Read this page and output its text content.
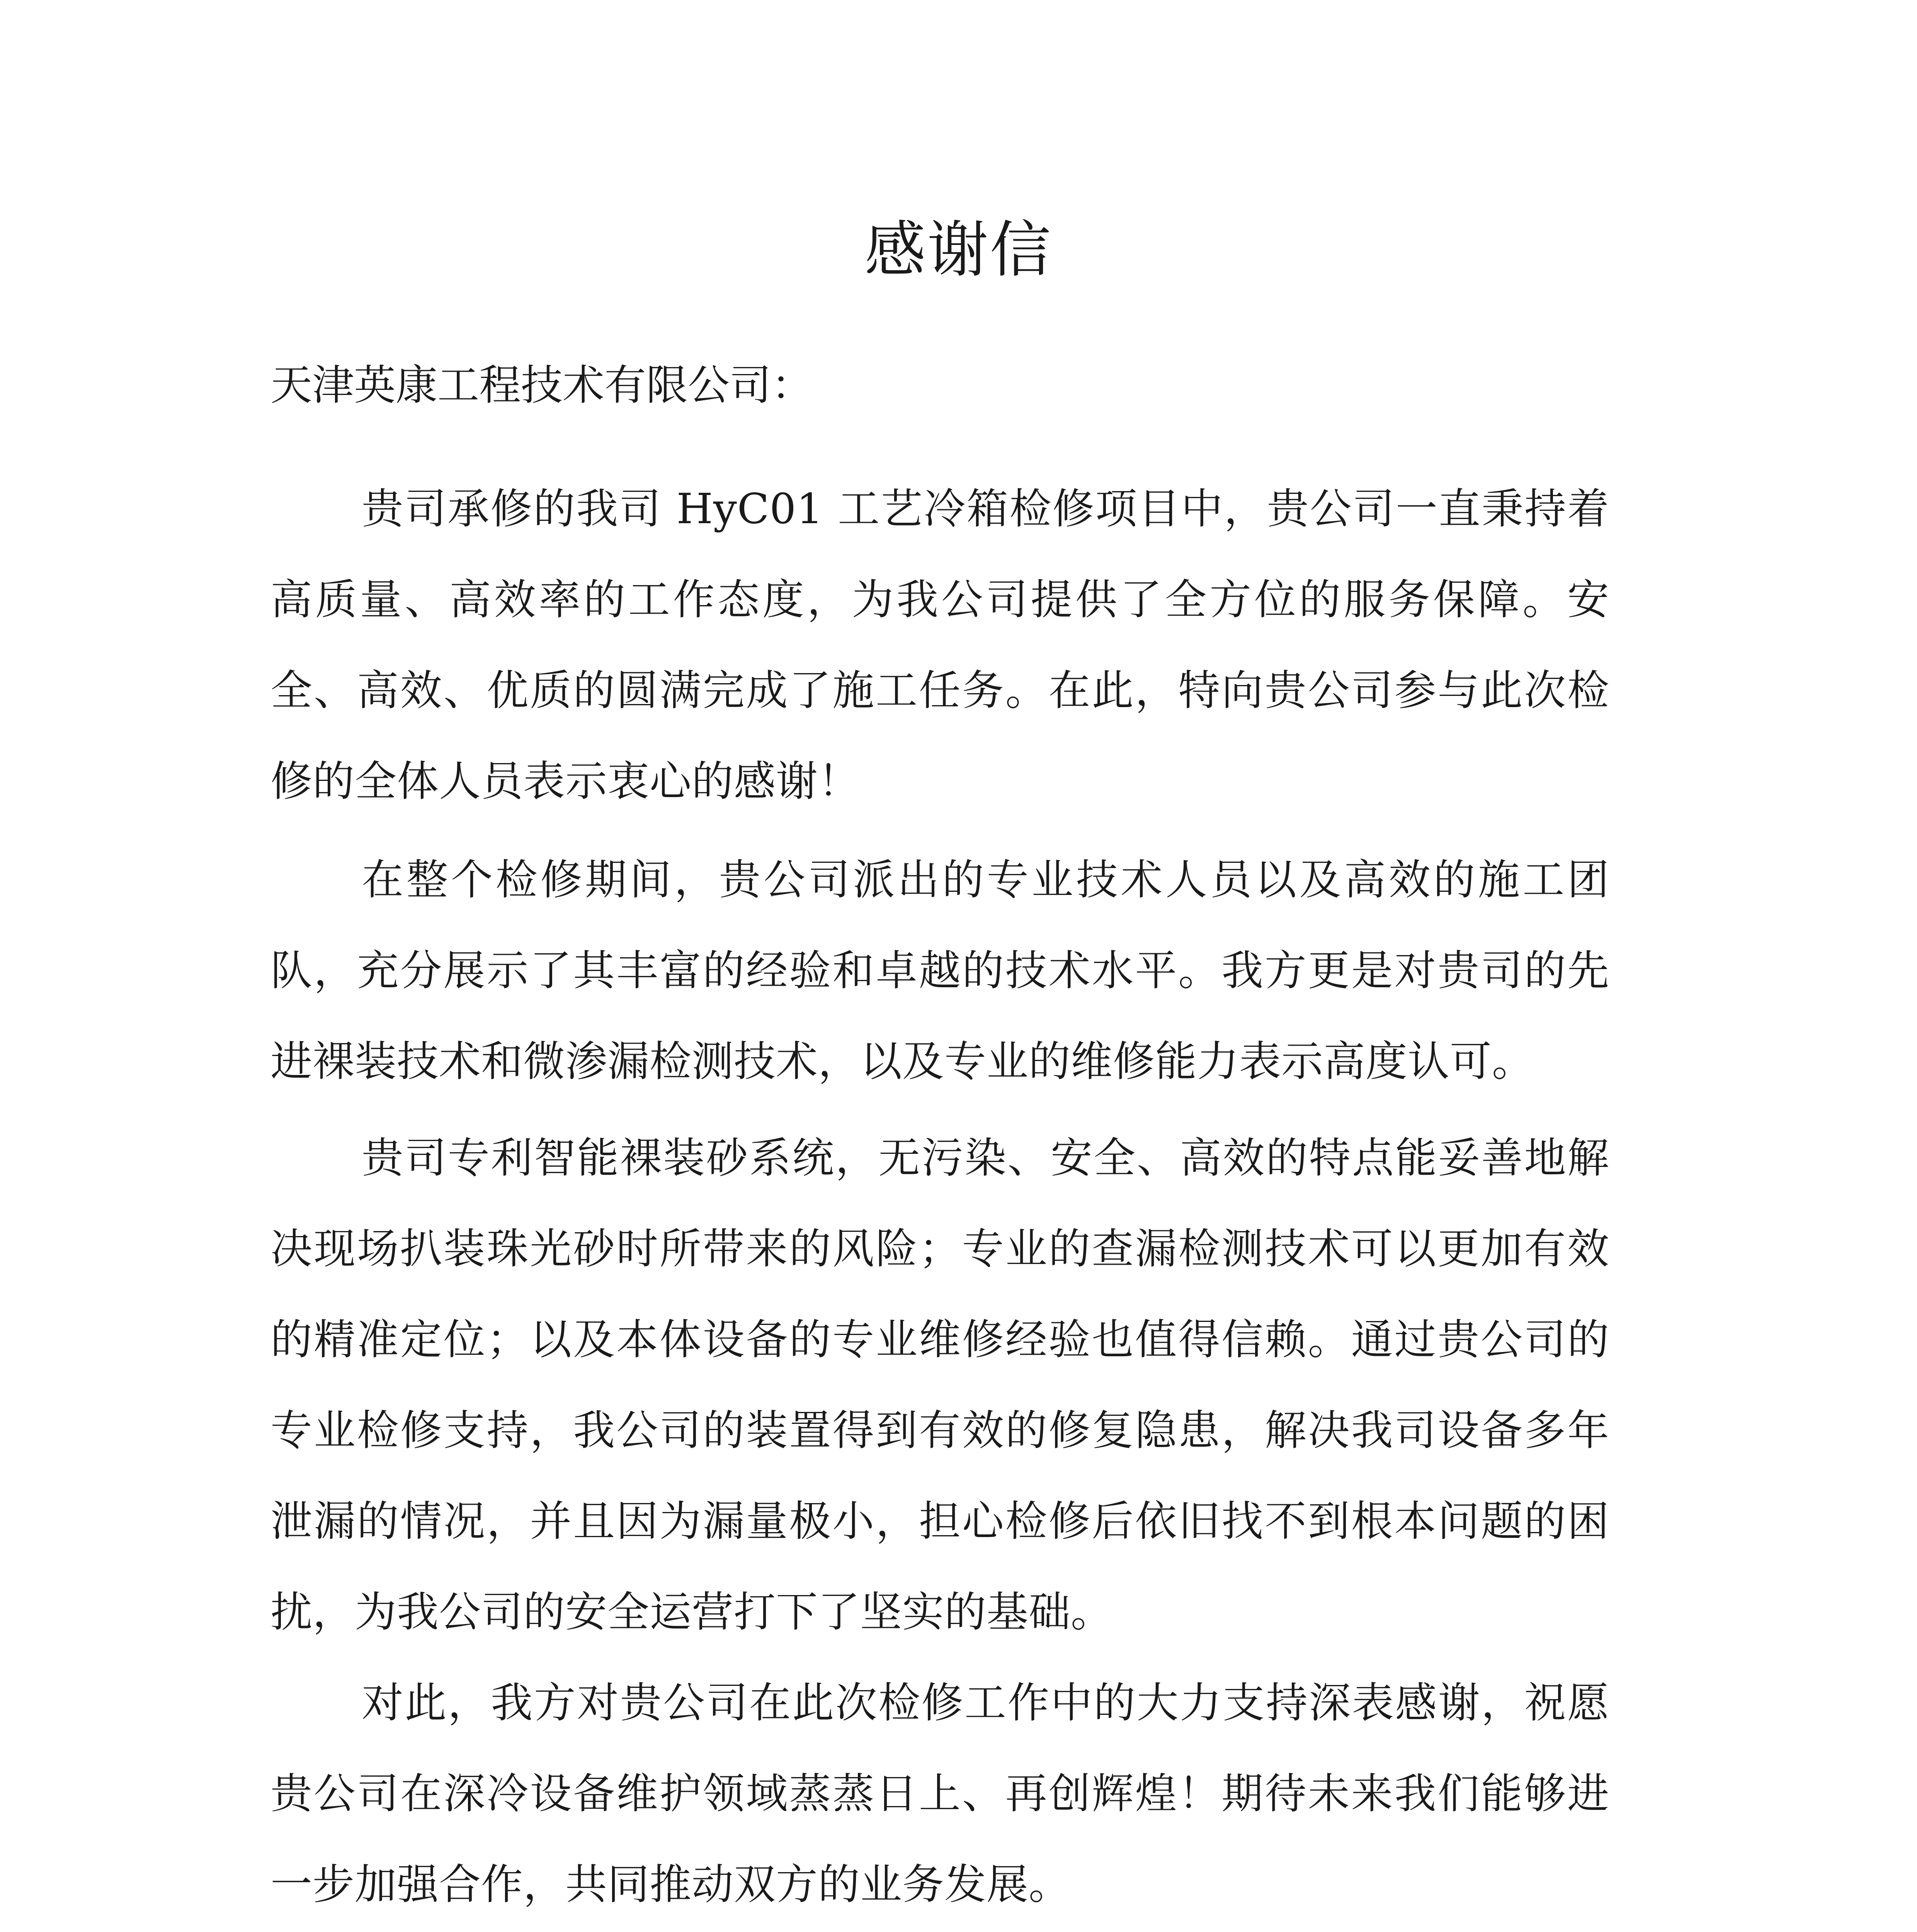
感谢信
天津英康工程技术有限公司：

贵司承修的我司 HyC01 工艺冷箱检修项目中，贵公司一直秉持着高质量、高效率的工作态度，为我公司提供了全方位的服务保障。安全、高效、优质的圆满完成了施工任务。在此，特向贵公司参与此次检修的全体人员表示衷心的感谢！

在整个检修期间，贵公司派出的专业技术人员以及高效的施工团队，充分展示了其丰富的经验和卓越的技术水平。我方更是对贵司的先进裸装技术和微渗漏检测技术，以及专业的维修能力表示高度认可。

贵司专利智能裸装砂系统，无污染、安全、高效的特点能妥善地解决现场扒装珠光砂时所带来的风险；专业的查漏检测技术可以更加有效的精准定位；以及本体设备的专业维修经验也值得信赖。通过贵公司的专业检修支持，我公司的装置得到有效的修复隐患，解决我司设备多年泄漏的情况，并且因为漏量极小，担心检修后依旧找不到根本问题的困扰，为我公司的安全运营打下了坚实的基础。

对此，我方对贵公司在此次检修工作中的大力支持深表感谢，祝愿贵公司在深冷设备维护领域蒸蒸日上、再创辉煌！期待未来我们能够进一步加强合作，共同推动双方的业务发展。
